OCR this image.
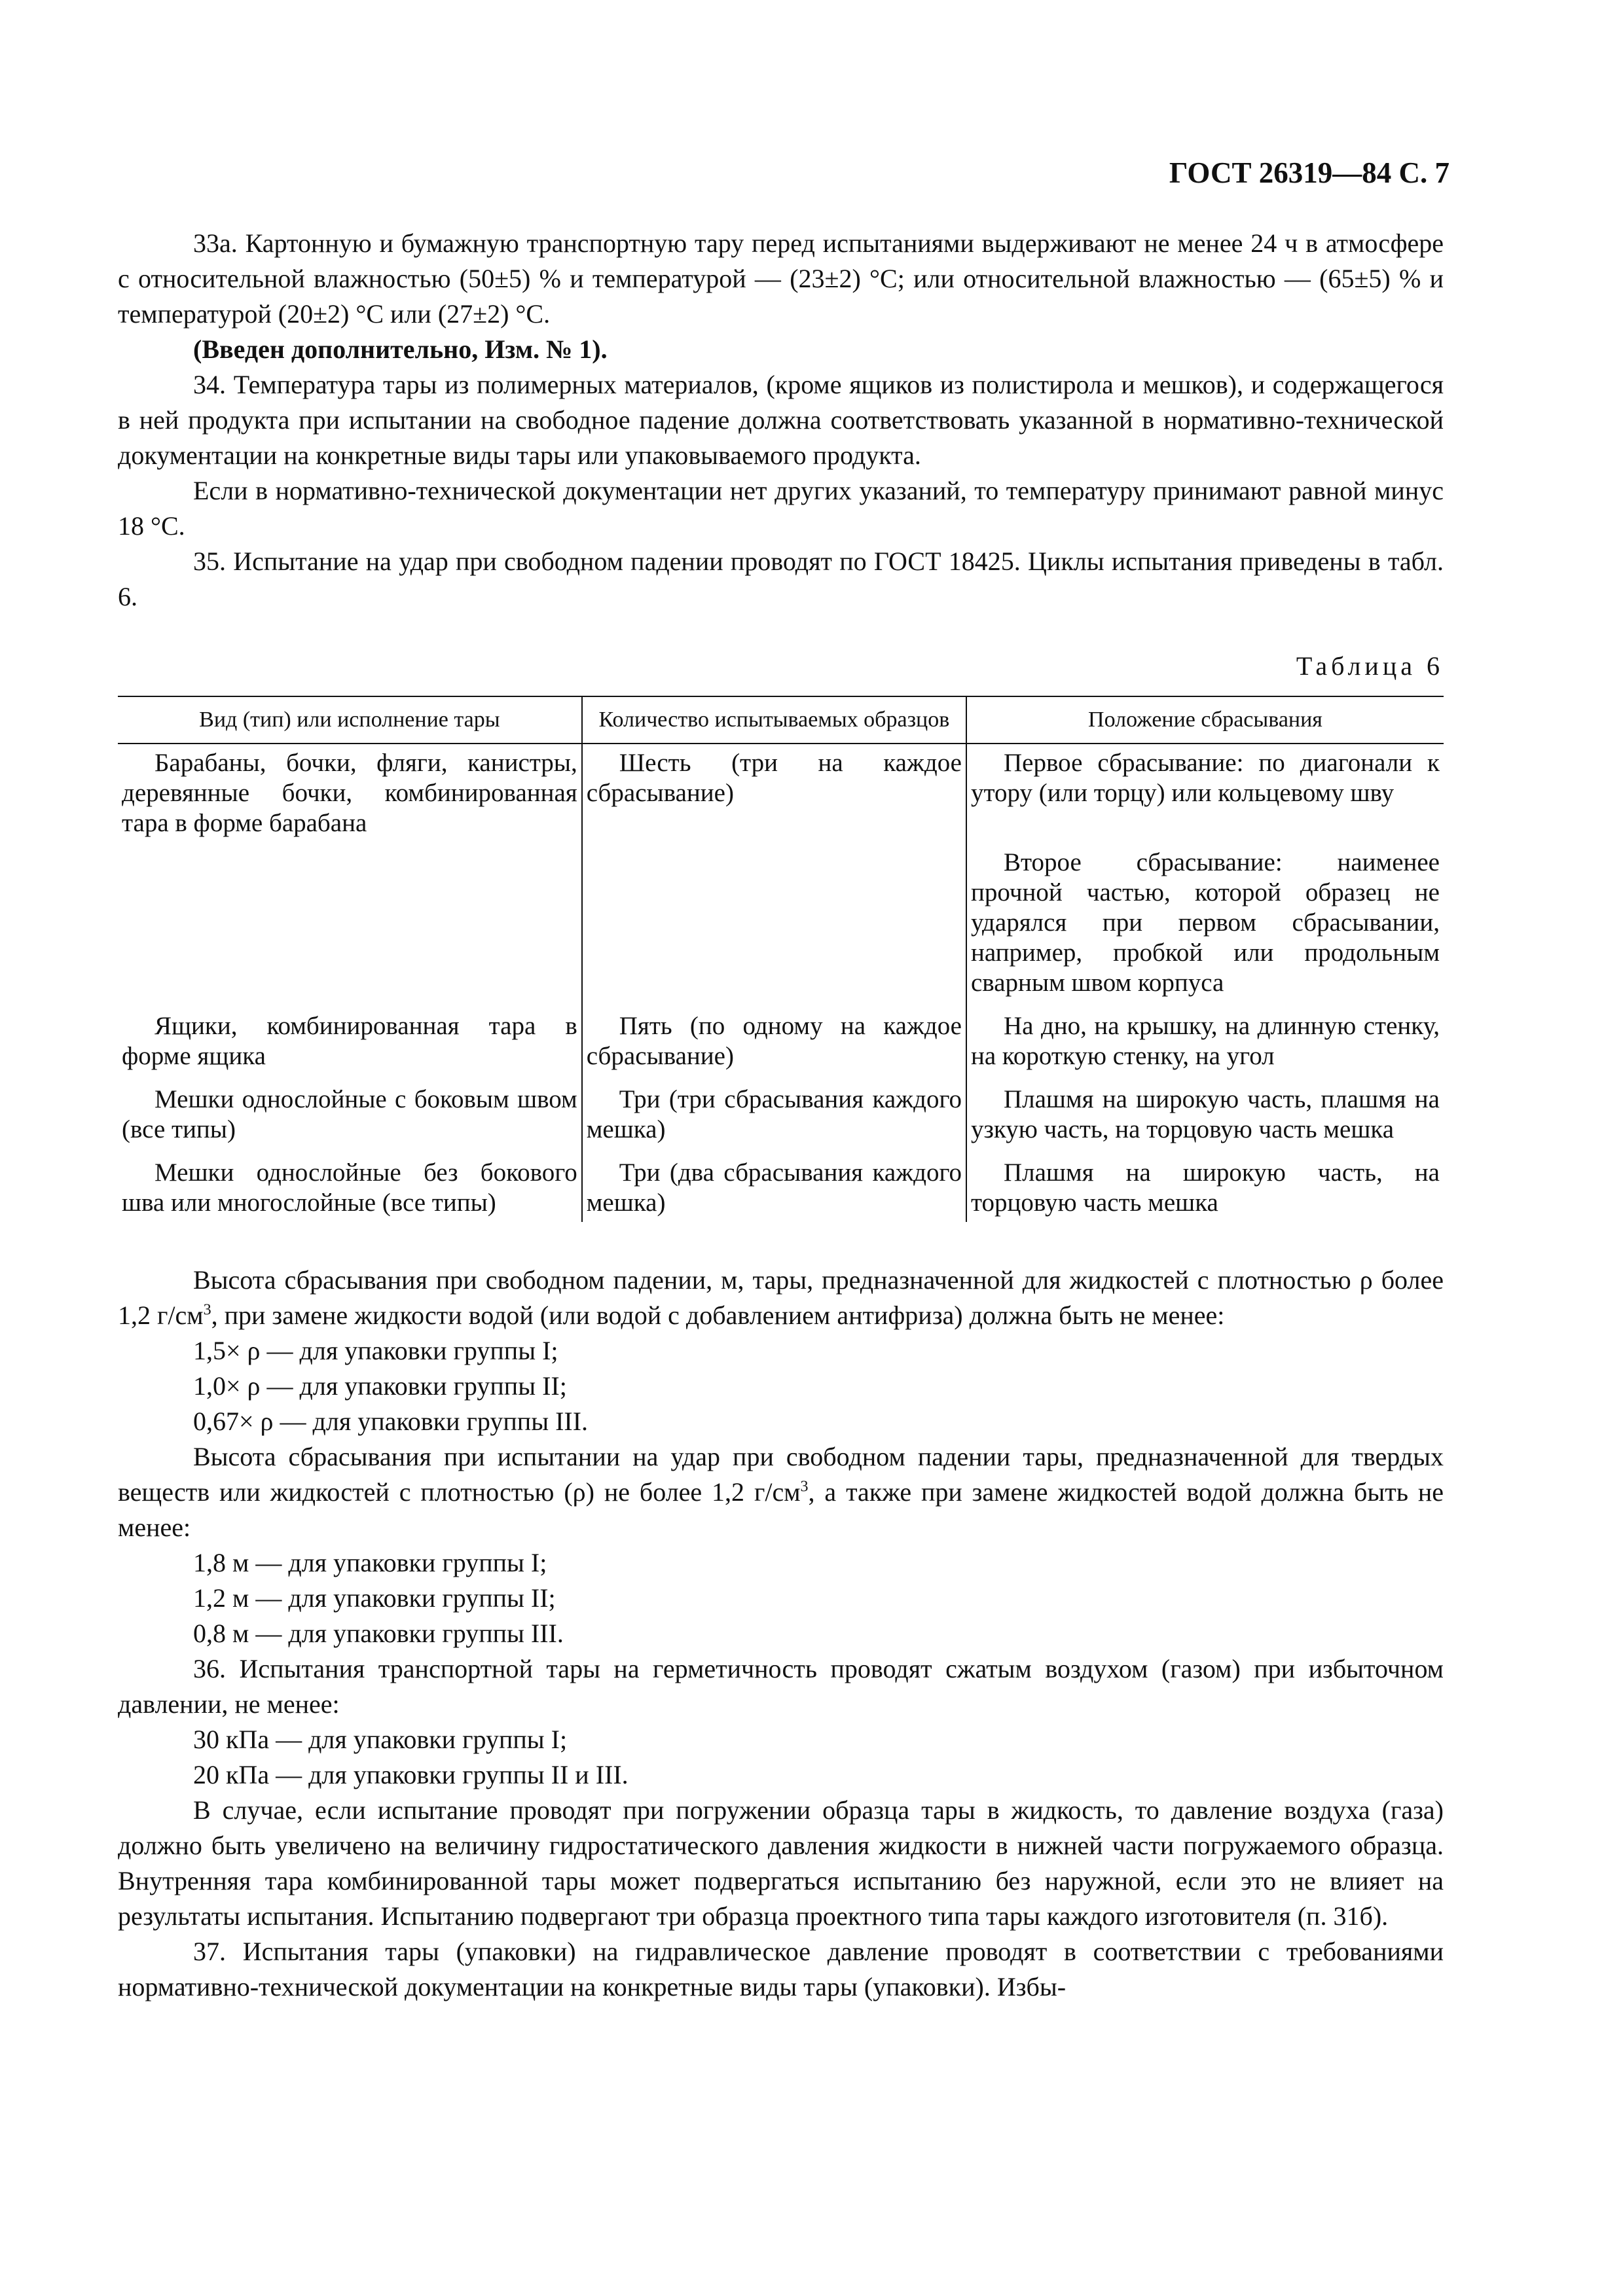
ГОСТ 26319—84 С. 7

33а. Картонную и бумажную транспортную тару перед испытаниями выдерживают не менее 24 ч в атмосфере с относительной влажностью (50±5) % и температурой — (23±2) °С; или относительной влажностью — (65±5) % и температурой (20±2) °С или (27±2) °С.

(Введен дополнительно, Изм. № 1).

34. Температура тары из полимерных материалов, (кроме ящиков из полистирола и мешков), и содержащегося в ней продукта при испытании на свободное падение должна соответствовать указанной в нормативно-технической документации на конкретные виды тары или упаковываемого продукта.

Если в нормативно-технической документации нет других указаний, то температуру принимают равной минус 18 °С.

35. Испытание на удар при свободном падении проводят по ГОСТ 18425. Циклы испытания приведены в табл. 6.

Таблица 6
Вид (тип) или исполнение тары	Количество испытываемых образцов	Положение сбрасывания

Барабаны, бочки, фляги, канистры, деревянные бочки, комбинированная тара в форме барабана	Шесть (три на каждое сбрасывание)	Первое сбрасывание: по диагонали к утору (или торцу) или кольцевому шву

		Второе сбрасывание: наименее прочной частью, которой образец не ударялся при первом сбрасывании, например, пробкой или продольным сварным швом корпуса

Ящики, комбинированная тара в форме ящика	Пять (по одному на каждое сбрасывание)	На дно, на крышку, на длинную стенку, на короткую стенку, на угол

Мешки однослойные с боковым швом (все типы)	Три (три сбрасывания каждого мешка)	Плашмя на широкую часть, плашмя на узкую часть, на торцовую часть мешка

Мешки однослойные без бокового шва или многослойные (все типы)	Три (два сбрасывания каждого мешка)	Плашмя на широкую часть, на торцовую часть мешка

Высота сбрасывания при свободном падении, м, тары, предназначенной для жидкостей с плотностью ρ более 1,2 $г/см^3$, при замене жидкости водой (или водой с добавлением антифриза) должна быть не менее:

1,5× ρ — для упаковки группы I;

1,0× ρ — для упаковки группы II;

0,67× ρ — для упаковки группы III.

Высота сбрасывания при испытании на удар при свободном падении тары, предназначенной для твердых веществ или жидкостей с плотностью (ρ) не более 1,2 $г/см^3$, а также при замене жидкостей водой должна быть не менее:

1,8 м — для упаковки группы I;

1,2 м — для упаковки группы II;

0,8 м — для упаковки группы III.

36. Испытания транспортной тары на герметичность проводят сжатым воздухом (газом) при избыточном давлении, не менее:

30 кПа — для упаковки группы I;

20 кПа — для упаковки группы II и III.

В случае, если испытание проводят при погружении образца тары в жидкость, то давление воздуха (газа) должно быть увеличено на величину гидростатического давления жидкости в нижней части погружаемого образца. Внутренняя тара комбинированной тары может подвергаться испытанию без наружной, если это не влияет на результаты испытания. Испытанию подвергают три образца проектного типа тары каждого изготовителя (п. 31б).

37. Испытания тары (упаковки) на гидравлическое давление проводят в соответствии с требованиями нормативно-технической документации на конкретные виды тары (упаковки). Избы-
